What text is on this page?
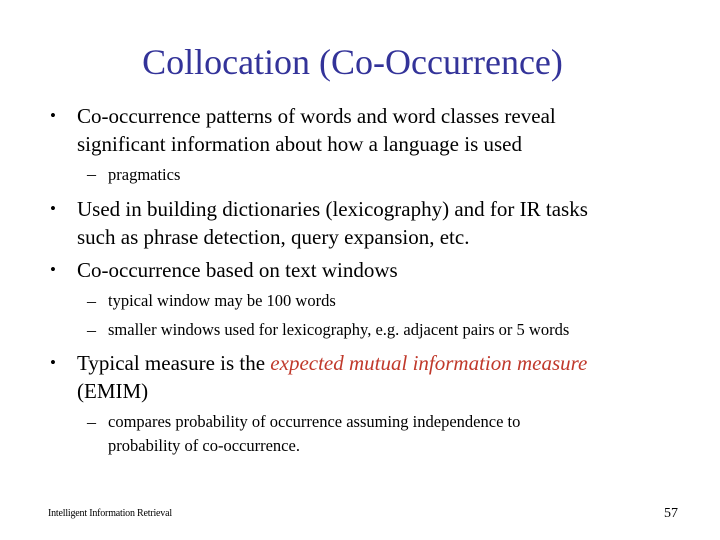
Collocation (Co-Occurrence)
• Co-occurrence patterns of words and word classes reveal
significant information about how a language is used
– pragmatics
• Used in building dictionaries (lexicography) and for IR tasks
such as phrase detection, query expansion, etc.
• Co-occurrence based on text windows
– typical window may be 100 words
– smaller windows used for lexicography, e.g. adjacent pairs or 5 words
• Typical measure is the expected mutual information measure
(EMIM)
– compares probability of occurrence assuming independence to
probability of co-occurrence.
Intelligent Information Retrieval	57
